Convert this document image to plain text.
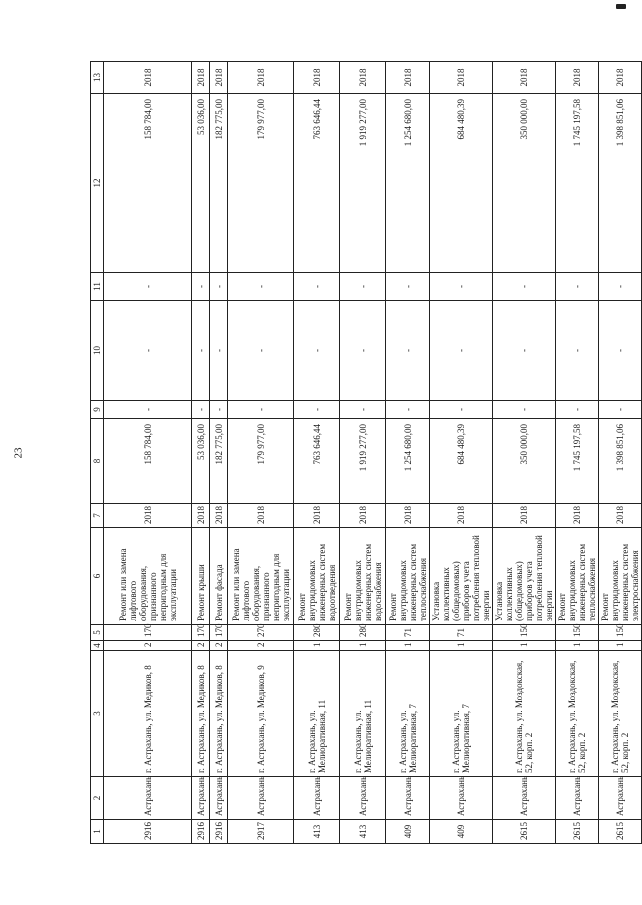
23
1	2	3	4	5	6	7	8	9	10	11	12	13
2916	Астрахань	г. Астрахань, ул. Медиков, 8	2	170	Ремонт или замена лифтового оборудования, признанного непригодным для эксплуатации	2018	158 784,00	-	-	-	158 784,00	2018
2916	Астрахань	г. Астрахань, ул. Медиков, 8	2	170	Ремонт крыши	2018	53 036,00	-	-	-	53 036,00	2018
2916	Астрахань	г. Астрахань, ул. Медиков, 8	2	170	Ремонт фасада	2018	182 775,00	-	-	-	182 775,00	2018
2917	Астрахань	г. Астрахань, ул. Медиков, 9	2	270	Ремонт или замена лифтового оборудования, признанного непригодным для эксплуатации	2018	179 977,00	-	-	-	179 977,00	2018
413	Астрахань	г. Астрахань, ул. Мелиоративная, 11	1	280	Ремонт внутридомовых инженерных систем водоотведения	2018	763 646,44	-	-	-	763 646,44	2018
413	Астрахань	г. Астрахань, ул. Мелиоративная, 11	1	280	Ремонт внутридомовых инженерных систем водоснабжения	2018	1 919 277,00	-	-	-	1 919 277,00	2018
409	Астрахань	г. Астрахань, ул. Мелиоративная, 7	1	71	Ремонт внутридомовых инженерных систем теплоснабжения	2018	1 254 680,00	-	-	-	1 254 680,00	2018
409	Астрахань	г. Астрахань, ул. Мелиоративная, 7	1	71	Установка коллективных (общедомовых) приборов учета потребления тепловой энергии	2018	684 480,39	-	-	-	684 480,39	2018
2615	Астрахань	г. Астрахань, ул. Моздокская, 52, корп. 2	1	150	Установка коллективных (общедомовых) приборов учета потребления тепловой энергии	2018	350 000,00	-	-	-	350 000,00	2018
2615	Астрахань	г. Астрахань, ул. Моздокская, 52, корп. 2	1	150	Ремонт внутридомовых инженерных систем теплоснабжения	2018	1 745 197,58	-	-	-	1 745 197,58	2018
2615	Астрахань	г. Астрахань, ул. Моздокская, 52, корп. 2	1	150	Ремонт внутридомовых инженерных систем электроснабжения	2018	1 398 851,06	-	-	-	1 398 851,06	2018
